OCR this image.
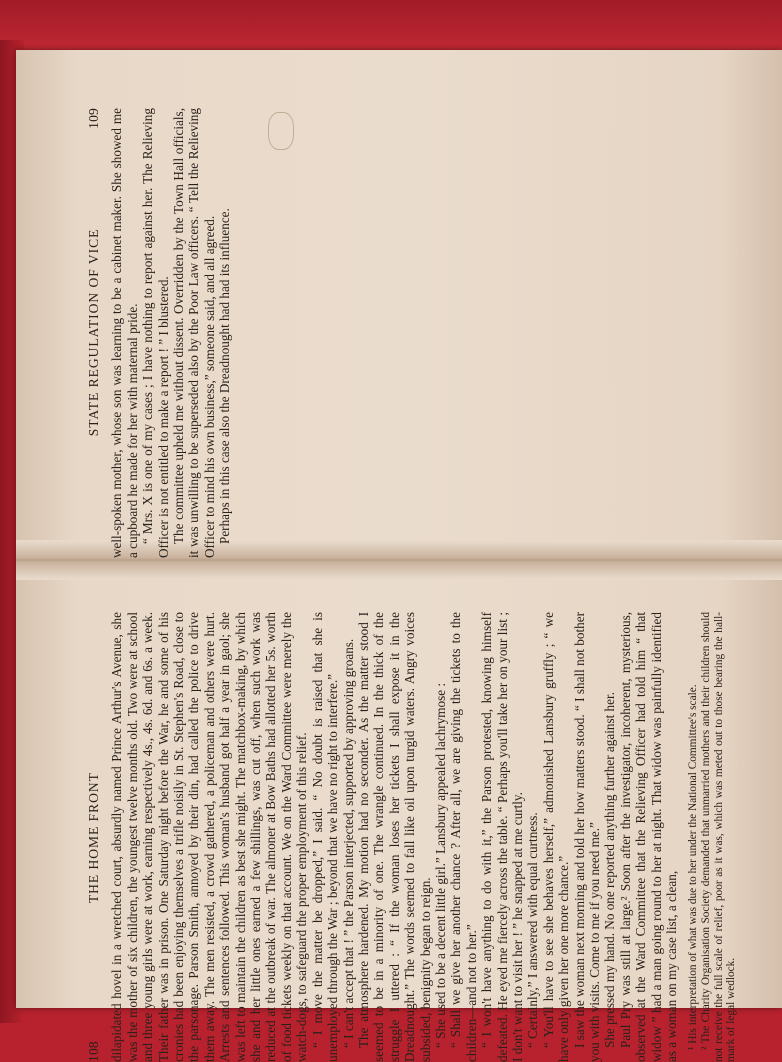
108
THE HOME FRONT dilapidated hovel in a wretched court, absurdly named Prince Arthur's Avenue, she was the mother of six children, the youngest twelve months old. Two were at school and three young girls were at work, earning respectively 4s., 4s. 6d. and 6s. a week. Their father was in prison. One Saturday night before the War, he and some of his cronies had been enjoying themselves a trifle noisily in St. Stephen's Road, close to the parsonage. Parson Smith, annoyed by their din, had called the police to drive them away. The men resisted, a crowd gathered, a policeman and others were hurt. Arrests and sentences followed. This woman's husband got half a year in gaol; she was left to maintain the children as best she might. The matchbox-making, by which she and her little ones earned a few shillings, was cut off, when such work was reduced at the outbreak of war. The almoner at Bow Baths had allotted her 5s. worth of food tickets weekly on that account. We on the Ward Committee were merely the watch-dogs, to safeguard the proper employment of this relief. “ I move the matter be dropped,” I said. “ No doubt is raised that she is unemployed through the War ; beyond that we have no right to interfere.” “ I can't accept that ! ” the Parson interjected, supported by approving groans. The atmosphere hardened. My motion had no seconder. As the matter stood I seemed to be in a minority of one. The wrangle continued. In the thick of the struggle I uttered : “ If the woman loses her tickets I shall expose it in the Dreadnought.” The words seemed to fall like oil upon turgid waters. Angry voices subsided, benignity began to reign. “ She used to be a decent little girl.” Lansbury appealed lachrymose : “ Shall we give her another chance ? After all, we are giving the tickets to the children—and not to her.” “ I won't have anything to do with it,” the Parson protested, knowing himself defeated. He eyed me fiercely across the table. “ Perhaps you'll take her on your list ; I don't want to visit her ! ” he snapped at me curtly. “ Certainly,” I answered with equal curtness. “ You'll have to see she behaves herself,” admonished Lansbury gruffly ; “ we have only given her one more chance.” I saw the woman next morning and told her how matters stood. “ I shall not bother you with visits. Come to me if you need me.” She pressed my hand. No one reported anything further against her. Paul Pry was still at large.² Soon after the investigator, incoherent, mysterious, observed at the Ward Committee that the Relieving Officer had told him “ that widow ” had a man going round to her at night. That widow was painfully identified as a woman on my case list, a clean, ¹ His interpretation of what was due to her under the National Committee's scale. ² The Charity Organisation Society demanded that unmarried mothers and their children should not receive the full scale of relief, poor as it was, which was meted out to those bearing the hall-mark of legal wedlock.

STATE REGULATION OF VICE
109 well-spoken mother, whose son was learning to be a cabinet maker. She showed me a cupboard he made for her with maternal pride. “ Mrs. X is one of my cases ; I have nothing to report against her. The Relieving Officer is not entitled to make a report ! ” I blustered. The committee upheld me without dissent. Overridden by the Town Hall officials, it was unwilling to be superseded also by the Poor Law officers. “ Tell the Relieving Officer to mind his own business,” someone said, and all agreed. Perhaps in this case also the Dreadnought had had its influence.
